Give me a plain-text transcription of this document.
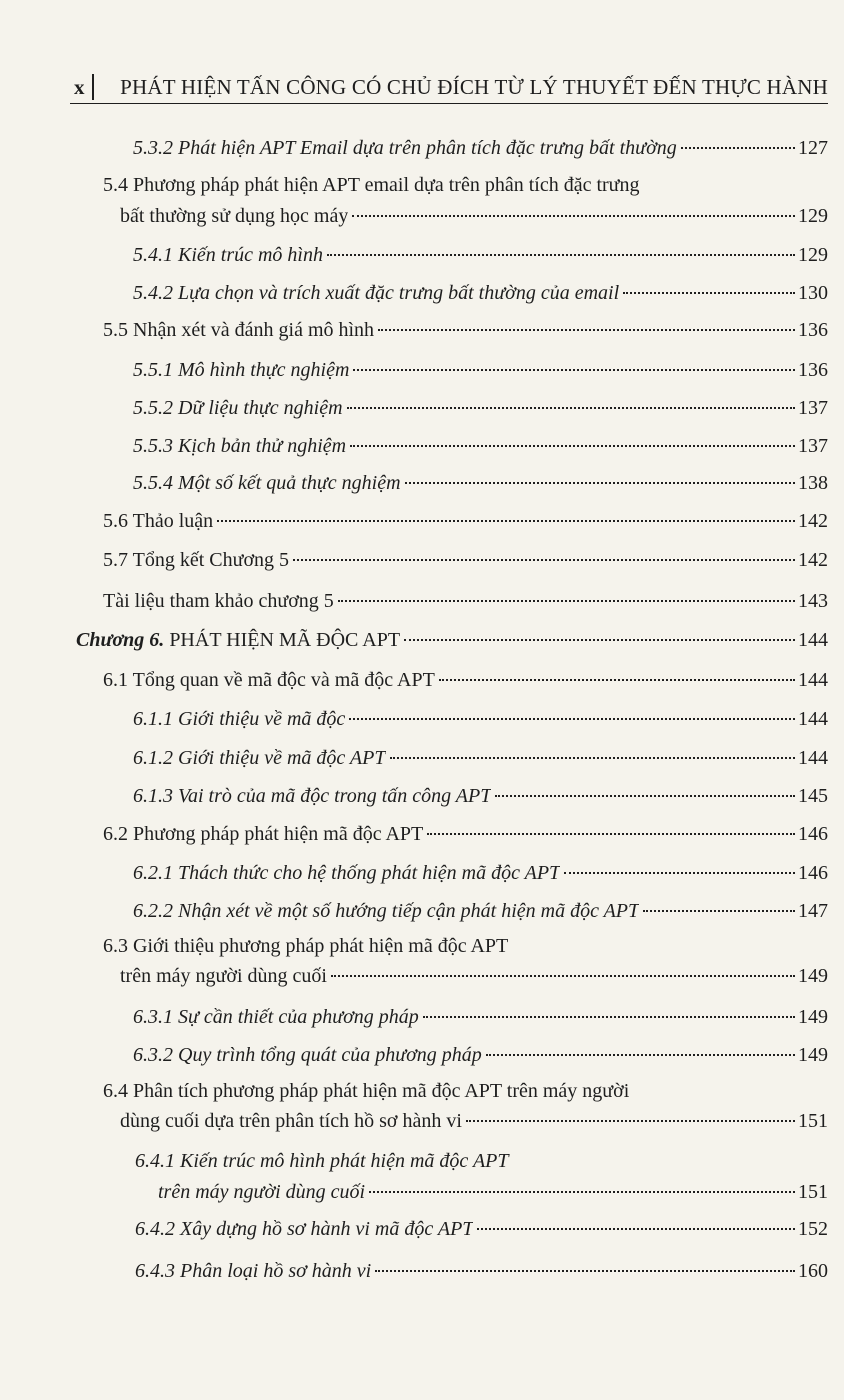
x PHÁT HIỆN TẤN CÔNG CÓ CHỦ ĐÍCH TỪ LÝ THUYẾT ĐẾN THỰC HÀNH
5.3.2 Phát hiện APT Email dựa trên phân tích đặc trưng bất thường	127
5.4 Phương pháp phát hiện APT email dựa trên phân tích đặc trưng
bất thường sử dụng học máy	129
5.4.1 Kiến trúc mô hình	129
5.4.2 Lựa chọn và trích xuất đặc trưng bất thường của email	130
5.5 Nhận xét và đánh giá mô hình	136
5.5.1 Mô hình thực nghiệm	136
5.5.2 Dữ liệu thực nghiệm	137
5.5.3 Kịch bản thử nghiệm	137
5.5.4 Một số kết quả thực nghiệm	138
5.6 Thảo luận	142
5.7 Tổng kết Chương 5	142
Tài liệu tham khảo chương 5	143
Chương 6. PHÁT HIỆN MÃ ĐỘC APT	144
6.1 Tổng quan về mã độc và mã độc APT	144
6.1.1 Giới thiệu về mã độc	144
6.1.2 Giới thiệu về mã độc APT	144
6.1.3 Vai trò của mã độc trong tấn công APT	145
6.2 Phương pháp phát hiện mã độc APT	146
6.2.1 Thách thức cho hệ thống phát hiện mã độc APT	146
6.2.2 Nhận xét về một số hướng tiếp cận phát hiện mã độc APT	147
6.3 Giới thiệu phương pháp phát hiện mã độc APT
trên máy người dùng cuối	149
6.3.1 Sự cần thiết của phương pháp	149
6.3.2 Quy trình tổng quát của phương pháp	149
6.4 Phân tích phương pháp phát hiện mã độc APT trên máy người
dùng cuối dựa trên phân tích hồ sơ hành vi	151
6.4.1 Kiến trúc mô hình phát hiện mã độc APT
trên máy người dùng cuối	151
6.4.2 Xây dựng hồ sơ hành vi mã độc APT	152
6.4.3 Phân loại hồ sơ hành vi	160
